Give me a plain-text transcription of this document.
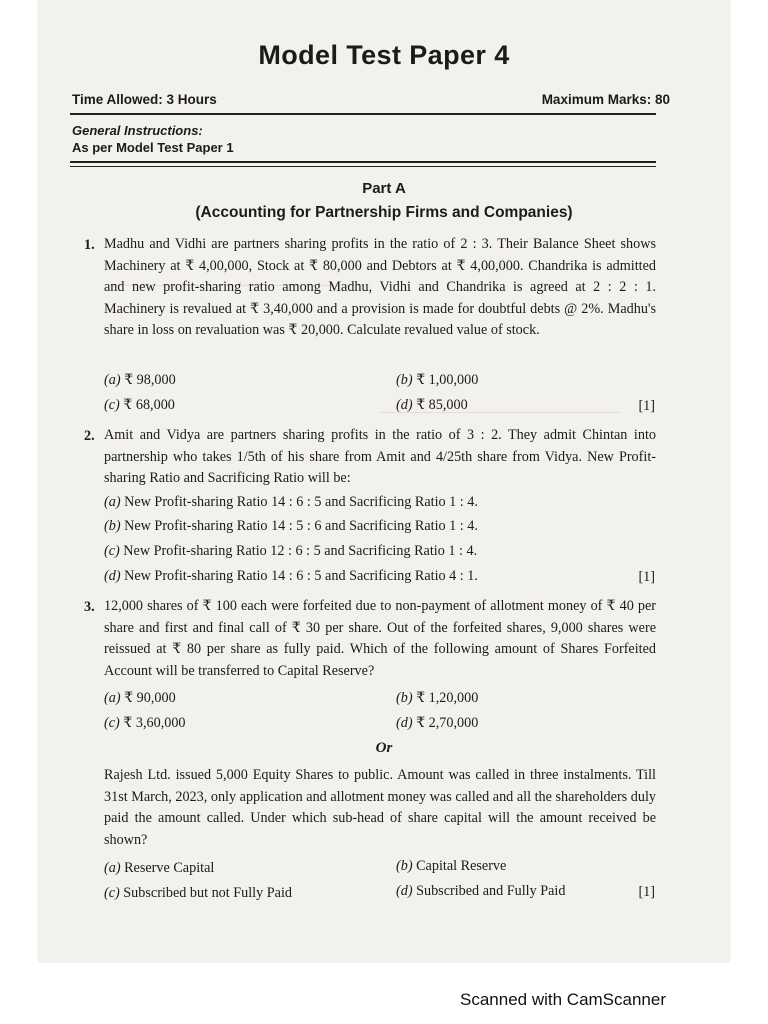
Model Test Paper 4
Time Allowed: 3 Hours	Maximum Marks: 80
General Instructions:
As per Model Test Paper 1
Part A
(Accounting for Partnership Firms and Companies)
1. Madhu and Vidhi are partners sharing profits in the ratio of 2 : 3. Their Balance Sheet shows Machinery at ₹ 4,00,000, Stock at ₹ 80,000 and Debtors at ₹ 4,00,000. Chandrika is admitted and new profit-sharing ratio among Madhu, Vidhi and Chandrika is agreed at 2 : 2 : 1. Machinery is revalued at ₹ 3,40,000 and a provision is made for doubtful debts @ 2%. Madhu's share in loss on revaluation was ₹ 20,000. Calculate revalued value of stock.
(a) ₹ 98,000	(b) ₹ 1,00,000
(c) ₹ 68,000	(d) ₹ 85,000	[1]
2. Amit and Vidya are partners sharing profits in the ratio of 3 : 2. They admit Chintan into partnership who takes 1/5th of his share from Amit and 4/25th share from Vidya. New Profit-sharing Ratio and Sacrificing Ratio will be:
(a) New Profit-sharing Ratio 14 : 6 : 5 and Sacrificing Ratio 1 : 4.
(b) New Profit-sharing Ratio 14 : 5 : 6 and Sacrificing Ratio 1 : 4.
(c) New Profit-sharing Ratio 12 : 6 : 5 and Sacrificing Ratio 1 : 4.
(d) New Profit-sharing Ratio 14 : 6 : 5 and Sacrificing Ratio 4 : 1.	[1]
3. 12,000 shares of ₹ 100 each were forfeited due to non-payment of allotment money of ₹ 40 per share and first and final call of ₹ 30 per share. Out of the forfeited shares, 9,000 shares were reissued at ₹ 80 per share as fully paid. Which of the following amount of Shares Forfeited Account will be transferred to Capital Reserve?
(a) ₹ 90,000	(b) ₹ 1,20,000
(c) ₹ 3,60,000	(d) ₹ 2,70,000
Or
Rajesh Ltd. issued 5,000 Equity Shares to public. Amount was called in three instalments. Till 31st March, 2023, only application and allotment money was called and all the shareholders duly paid the amount called. Under which sub-head of share capital will the amount received be shown?
(a) Reserve Capital	(b) Capital Reserve
(c) Subscribed but not Fully Paid	(d) Subscribed and Fully Paid	[1]
Scanned with CamScanner
